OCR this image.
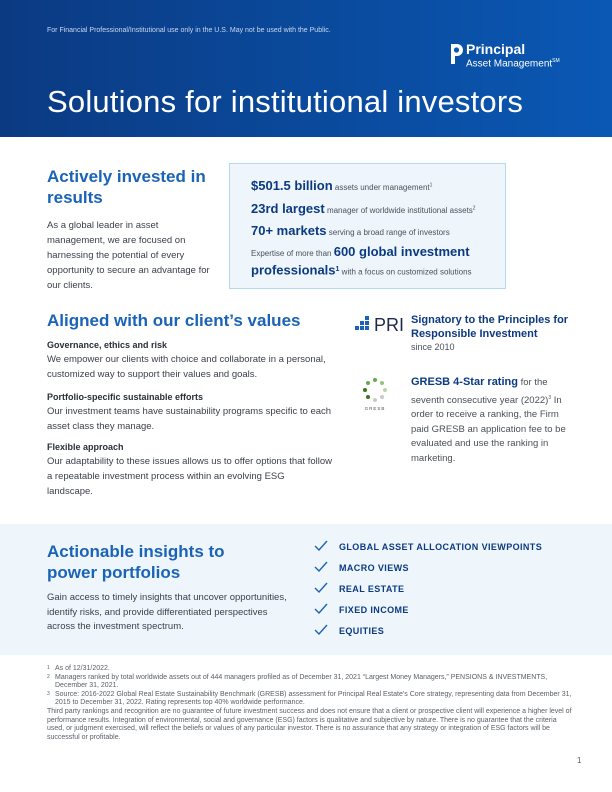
For Financial Professional/Institutional use only in the U.S. May not be used with the Public.
Principal
Asset Management℠
Solutions for institutional investors
Actively invested in results

As a global leader in asset management, we are focused on harnessing the potential of every opportunity to secure an advantage for our clients.

$501.5 billion assets under management$^1$
23rd largest manager of worldwide institutional assets$^2$
70+ markets serving a broad range of investors
Expertise of more than 600 global investment
professionals$^1$ with a focus on customized solutions
Aligned with our client’s values
Governance, ethics and risk
We empower our clients with choice and collaborate in a personal, customized way to support their values and goals.
Portfolio-specific sustainable efforts
Our investment teams have sustainability programs specific to each asset class they manage.
Flexible approach
Our adaptability to these issues allows us to offer options that follow a repeatable investment process within an evolving ESG landscape.
PRI Signatory to the Principles for Responsible Investment
since 2010
GRESB
GRESB 4-Star rating for the seventh consecutive year $(2022)^3$ In order to receive a ranking, the Firm paid GRESB an application fee to be evaluated and use the ranking in marketing.
Actionable insights to power portfolios

Gain access to timely insights that uncover opportunities, identify risks, and provide differentiated perspectives across the investment spectrum.

GLOBAL ASSET ALLOCATION VIEWPOINTS
MACRO VIEWS
REAL ESTATE
FIXED INCOME
EQUITIES
1 As of 12/31/2022.
2 Managers ranked by total worldwide assets out of 444 managers profiled as of December 31, 2021 “Largest Money Managers,” PENSIONS & INVESTMENTS, December 31, 2021.
3 Source: 2016-2022 Global Real Estate Sustainability Benchmark (GRESB) assessment for Principal Real Estate’s Core strategy, representing data from December 31, 2015 to December 31, 2022. Rating represents top 40% worldwide performance.
Third party rankings and recognition are no guarantee of future investment success and does not ensure that a client or prospective client will experience a higher level of performance results. Integration of environmental, social and governance (ESG) factors is qualitative and subjective by nature. There is no guarantee that the criteria used, or judgment exercised, will reflect the beliefs or values of any particular investor. There is no assurance that any strategy or integration of ESG factors will be successful or profitable.
1
